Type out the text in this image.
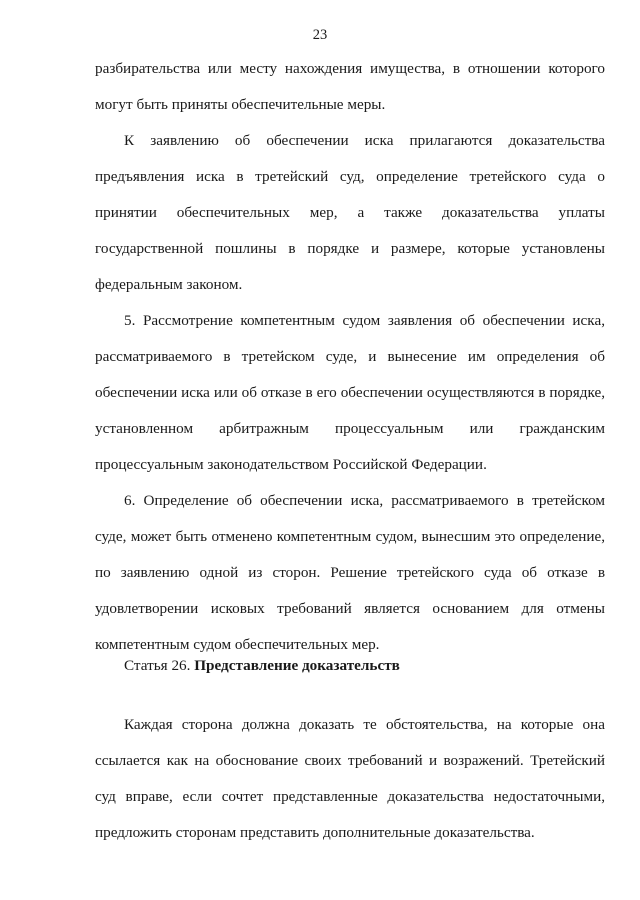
23

разбирательства или месту нахождения имущества, в отношении которого могут быть приняты обеспечительные меры.

К заявлению об обеспечении иска прилагаются доказательства предъявления иска в третейский суд, определение третейского суда о принятии обеспечительных мер, а также доказательства уплаты государственной пошлины в порядке и размере, которые установлены федеральным законом.

5. Рассмотрение компетентным судом заявления об обеспечении иска, рассматриваемого в третейском суде, и вынесение им определения об обеспечении иска или об отказе в его обеспечении осуществляются в порядке, установленном арбитражным процессуальным или гражданским процессуальным законодательством Российской Федерации.

6. Определение об обеспечении иска, рассматриваемого в третейском суде, может быть отменено компетентным судом, вынесшим это определение, по заявлению одной из сторон. Решение третейского суда об отказе в удовлетворении исковых требований является основанием для отмены компетентным судом обеспечительных мер.

Статья 26. Представление доказательств

Каждая сторона должна доказать те обстоятельства, на которые она ссылается как на обоснование своих требований и возражений. Третейский суд вправе, если сочтет представленные доказательства недостаточными, предложить сторонам представить дополнительные доказательства.
